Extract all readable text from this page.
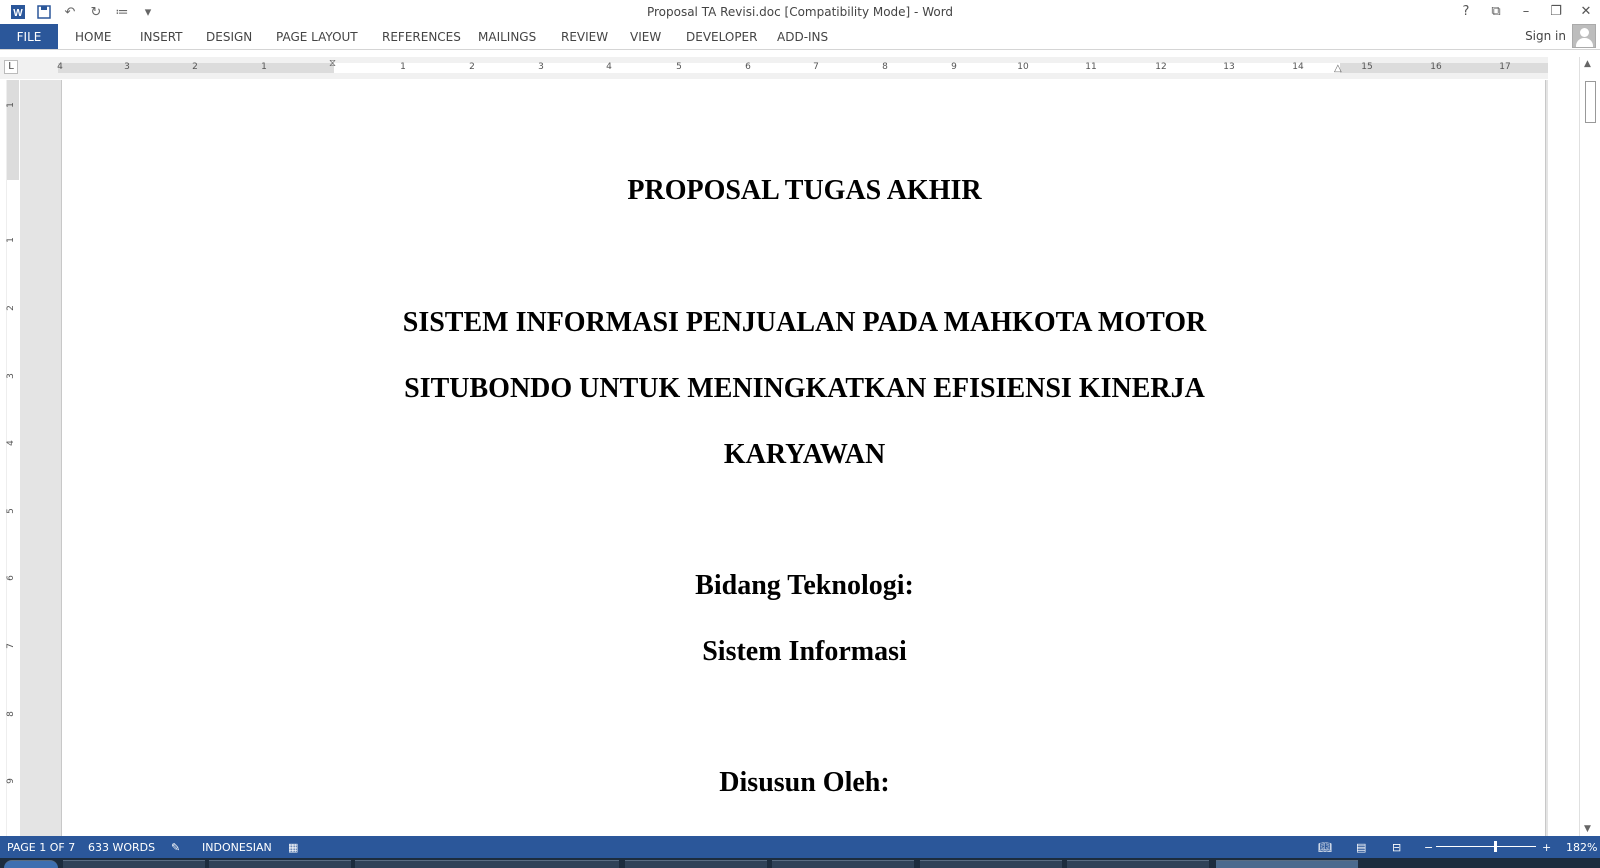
W	↶	↻	≔	▾	Proposal TA Revisi.doc [Compatibility Mode] - Word	?	⧉	–	❐ ✕
FILE	HOME INSERT DESIGN PAGE LAYOUT REFERENCES MAILINGS REVIEW VIEW DEVELOPER ADD-INS	Sign in
L	4	3	2	1	1	2	3	4	5	6	7	8	9	10	11	12	13	14	15	16	17
⧖	△
1
1
2
3
4
5
6
7
8
9
PROPOSAL TUGAS AKHIR
SISTEM INFORMASI PENJUALAN PADA MAHKOTA MOTOR
SITUBONDO UNTUK MENINGKATKAN EFISIENSI KINERJA
KARYAWAN
Bidang Teknologi:
Sistem Informasi
Disusun Oleh:
▲
▼
PAGE 1 OF 7 633 WORDS ✎ INDONESIAN ▦	📖︎ ▤ ⊟ −	+ 182%
